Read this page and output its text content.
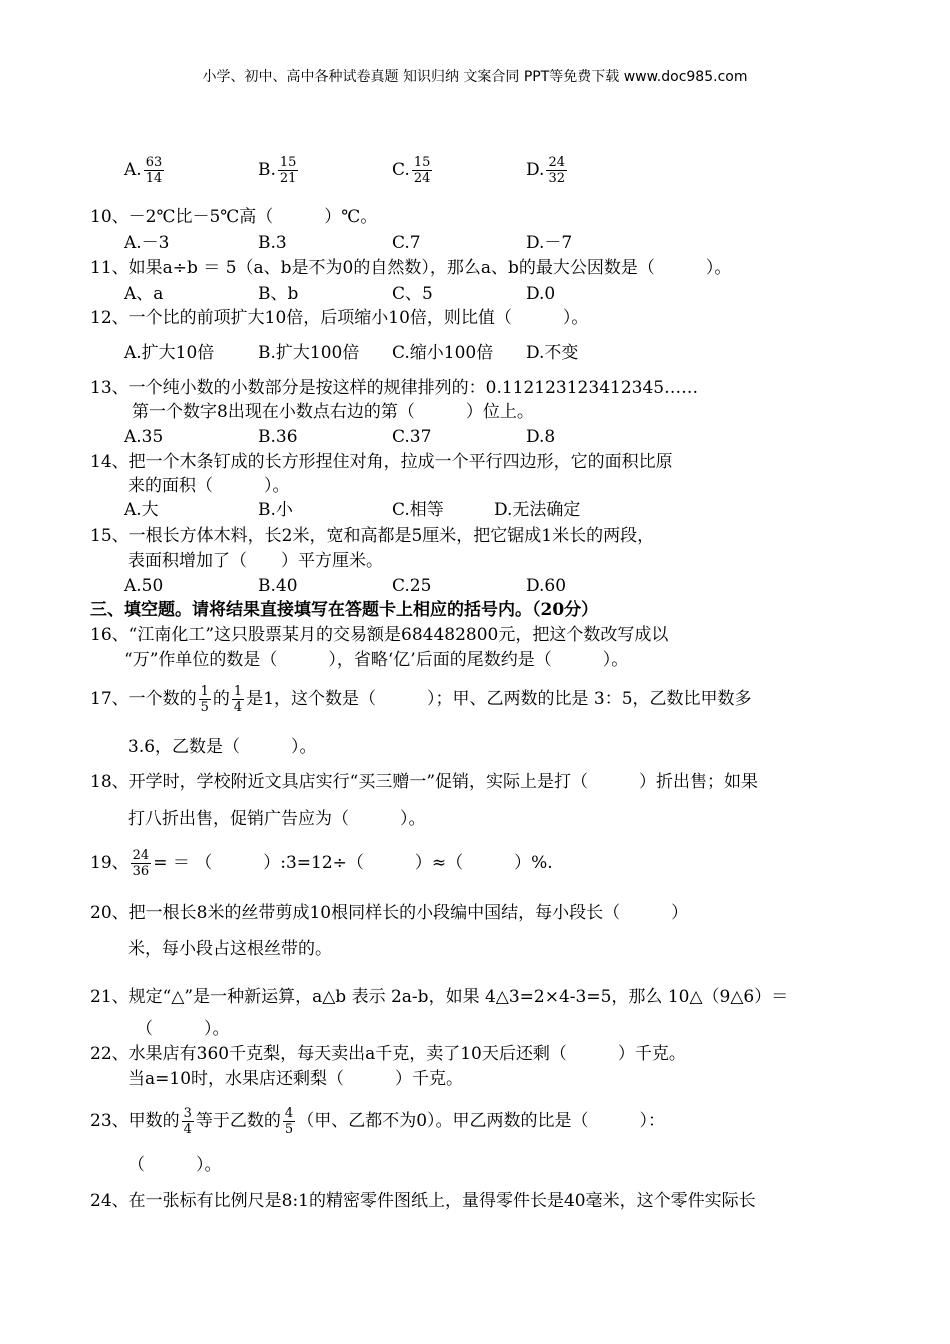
小学、初中、高中各种试卷真题 知识归纳 文案合同 PPT等免费下载 www.doc985.com
A. $\frac{63}{14}$	B. $\frac{15}{21}$	C. $\frac{15}{24}$	D. $\frac{24}{32}$
10、－2℃比－5℃高（　　　）℃。
A.－3	B.3	C.7	D.－7
11、如果a÷b ＝ 5（a、b是不为0的自然数），那么a、b的最大公因数是（　　　）。
A、a	B、b	C、5	D.0
12、一个比的前项扩大10倍，后项缩小10倍，则比值（　　　）。
A.扩大10倍	B.扩大100倍 C.缩小100倍 D.不变
13、一个纯小数的小数部分是按这样的规律排列的：0.112123123412345……
第一个数字8出现在小数点右边的第（　　　）位上。
A.35	B.36	C.37	D.8
14、把一个木条钉成的长方形捏住对角，拉成一个平行四边形，它的面积比原
来的面积（　　　）。
A.大	B.小	C.相等	D.无法确定
15、一根长方体木料，长2米，宽和高都是5厘米，把它锯成1米长的两段，
表面积增加了（　　）平方厘米。
A.50	B.40	C.25	D.60
三、填空题。请将结果直接填写在答题卡上相应的括号内。（20分）
16、“江南化工”这只股票某月的交易额是684482800元，把这个数改写成以
“万”作单位的数是（　　　），省略‘亿’后面的尾数约是（　　　）。
17、一个数的 $\frac{1}{5}$ 的 $\frac{1}{4}$ 是1，这个数是（　　　）；甲、乙两数的比是 3：5，乙数比甲数多
3.6，乙数是（　　　）。
18、开学时，学校附近文具店实行“买三赠一”促销，实际上是打（　　　）折出售；如果
打八折出售，促销广告应为（　　　）。
19、 $\frac{24}{36}$ = ＝ （　　　）:3=12÷（　　　）≈（　　　）%.
20、把一根长8米的丝带剪成10根同样长的小段编中国结，每小段长（　　　）
米，每小段占这根丝带的。
21、规定“△”是一种新运算，a△b 表示 2a-b，如果 4△3=2×4-3=5，那么 10△（9△6）＝
（　　　）。
22、水果店有360千克梨，每天卖出a千克，卖了10天后还剩（　　　）千克。
当a=10时，水果店还剩梨（　　　）千克。
23、甲数的 $\frac{3}{4}$ 等于乙数的 $\frac{4}{5}$ （甲、乙都不为0）。甲乙两数的比是（　　　）：
（　　　）。
24、在一张标有比例尺是8:1的精密零件图纸上，量得零件长是40毫米，这个零件实际长
